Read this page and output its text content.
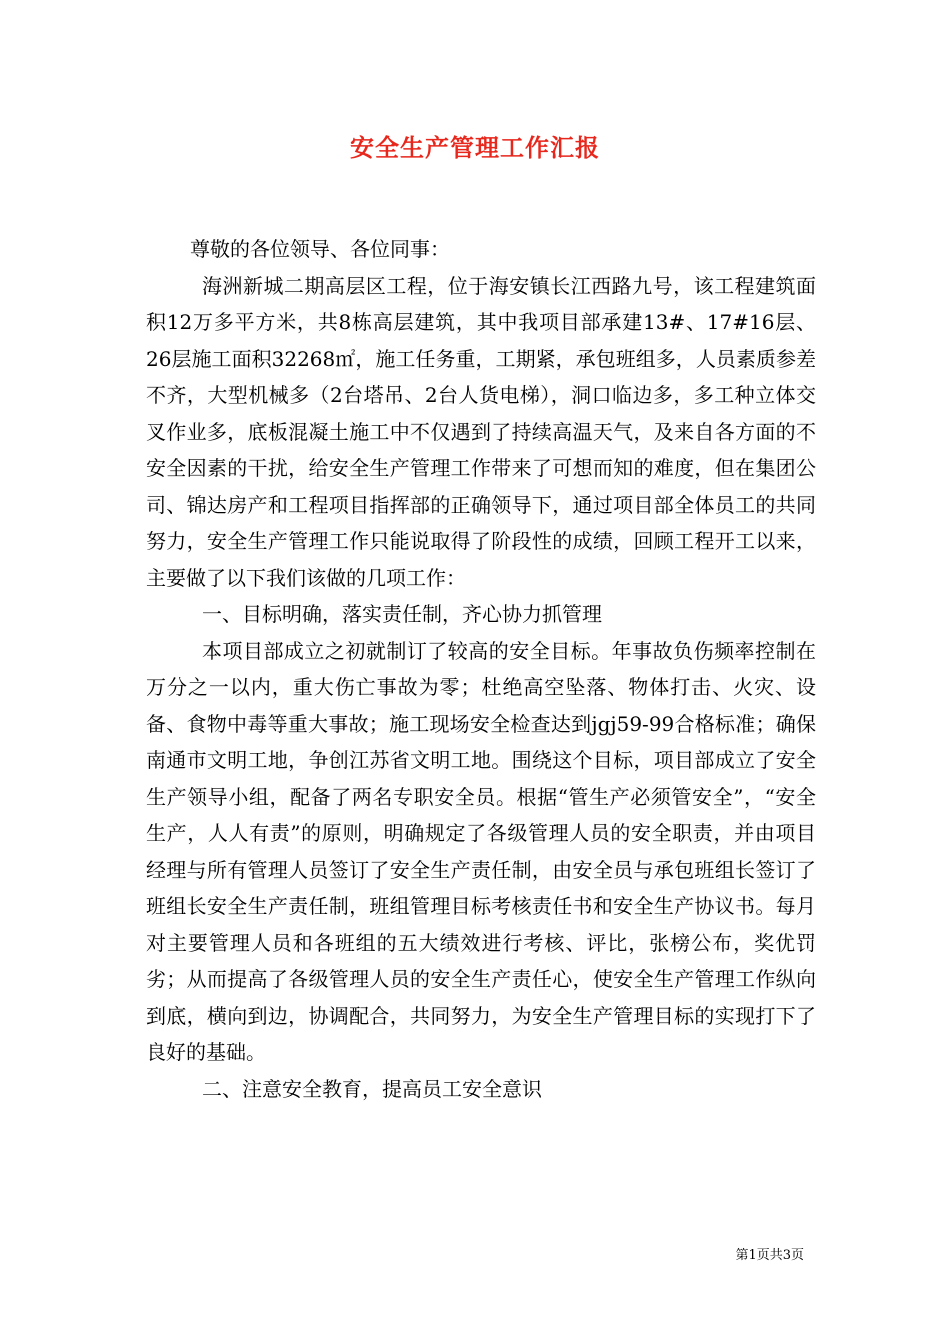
安全生产管理工作汇报

尊敬的各位领导、各位同事：

海洲新城二期高层区工程，位于海安镇长江西路九号，该工程建筑面积12万多平方米，共8栋高层建筑，其中我项目部承建13#、17#16层、26层施工面积32268㎡，施工任务重，工期紧，承包班组多，人员素质参差不齐，大型机械多（2台塔吊、2台人货电梯），洞口临边多，多工种立体交叉作业多，底板混凝土施工中不仅遇到了持续高温天气，及来自各方面的不安全因素的干扰，给安全生产管理工作带来了可想而知的难度，但在集团公司、锦达房产和工程项目指挥部的正确领导下，通过项目部全体员工的共同努力，安全生产管理工作只能说取得了阶段性的成绩，回顾工程开工以来，主要做了以下我们该做的几项工作：

一、目标明确，落实责任制，齐心协力抓管理

本项目部成立之初就制订了较高的安全目标。年事故负伤频率控制在万分之一以内，重大伤亡事故为零；杜绝高空坠落、物体打击、火灾、设备、食物中毒等重大事故；施工现场安全检查达到jgj59-99合格标准；确保南通市文明工地，争创江苏省文明工地。围绕这个目标，项目部成立了安全生产领导小组，配备了两名专职安全员。根据“管生产必须管安全”，“安全生产，人人有责”的原则，明确规定了各级管理人员的安全职责，并由项目经理与所有管理人员签订了安全生产责任制，由安全员与承包班组长签订了班组长安全生产责任制，班组管理目标考核责任书和安全生产协议书。每月对主要管理人员和各班组的五大绩效进行考核、评比，张榜公布，奖优罚劣；从而提高了各级管理人员的安全生产责任心，使安全生产管理工作纵向到底，横向到边，协调配合，共同努力，为安全生产管理目标的实现打下了良好的基础。

二、注意安全教育，提高员工安全意识

第1页共3页
